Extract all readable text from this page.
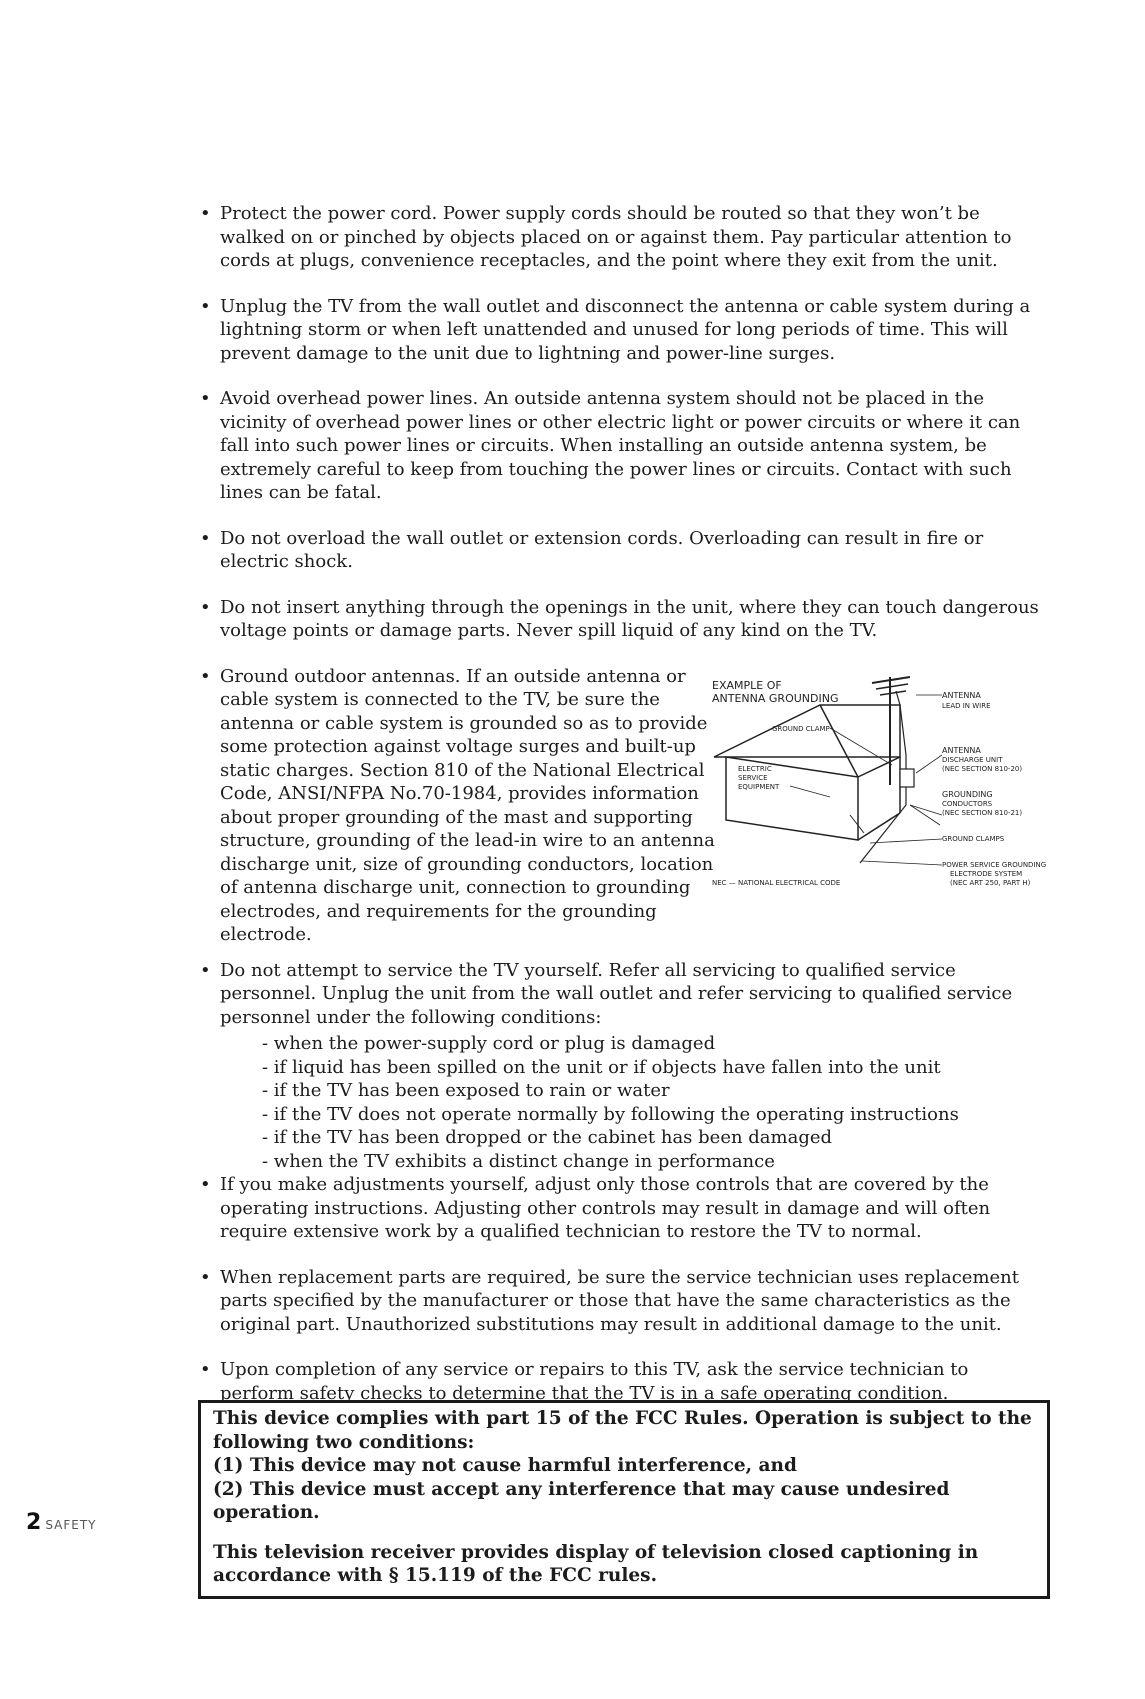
• Protect the power cord. Power supply cords should be routed so that they won’t be walked on or pinched by objects placed on or against them. Pay particular attention to cords at plugs, convenience receptacles, and the point where they exit from the unit.
• Unplug the TV from the wall outlet and disconnect the antenna or cable system during a lightning storm or when left unattended and unused for long periods of time. This will prevent damage to the unit due to lightning and power-line surges.
• Avoid overhead power lines. An outside antenna system should not be placed in the vicinity of overhead power lines or other electric light or power circuits or where it can fall into such power lines or circuits. When installing an outside antenna system, be extremely careful to keep from touching the power lines or circuits. Contact with such lines can be fatal.
• Do not overload the wall outlet or extension cords. Overloading can result in fire or electric shock.
• Do not insert anything through the openings in the unit, where they can touch dangerous voltage points or damage parts. Never spill liquid of any kind on the TV.
• Ground outdoor antennas. If an outside antenna or cable system is connected to the TV, be sure the antenna or cable system is grounded so as to provide some protection against voltage surges and built-up static charges. Section 810 of the National Electrical Code, ANSI/NFPA No.70-1984, provides information about proper grounding of the mast and supporting structure, grounding of the lead-in wire to an antenna discharge unit, size of grounding conductors, location of antenna discharge unit, connection to grounding electrodes, and requirements for the grounding electrode.
EXAMPLE OF
ANTENNA GROUNDING	ANTENNA
LEAD IN WIRE
GROUND CLAMP
ELECTRIC
SERVICE
EQUIPMENT
ANTENNA
DISCHARGE UNIT
(NEC SECTION 810-20)
GROUNDING
CONDUCTORS
(NEC SECTION 810-21)
GROUND CLAMPS
POWER SERVICE GROUNDING
ELECTRODE SYSTEM
(NEC ART 250, PART H)
NEC — NATIONAL ELECTRICAL CODE
• Do not attempt to service the TV yourself. Refer all servicing to qualified service personnel. Unplug the unit from the wall outlet and refer servicing to qualified service personnel under the following conditions:
- when the power-supply cord or plug is damaged
- if liquid has been spilled on the unit or if objects have fallen into the unit
- if the TV has been exposed to rain or water
- if the TV does not operate normally by following the operating instructions
- if the TV has been dropped or the cabinet has been damaged
- when the TV exhibits a distinct change in performance
• If you make adjustments yourself, adjust only those controls that are covered by the operating instructions. Adjusting other controls may result in damage and will often require extensive work by a qualified technician to restore the TV to normal.
• When replacement parts are required, be sure the service technician uses replacement parts specified by the manufacturer or those that have the same characteristics as the original part. Unauthorized substitutions may result in additional damage to the unit.
• Upon completion of any service or repairs to this TV, ask the service technician to perform safety checks to determine that the TV is in a safe operating condition.

This device complies with part 15 of the FCC Rules. Operation is subject to the following two conditions:

(1) This device may not cause harmful interference, and

(2) This device must accept any interference that may cause undesired operation.

This television receiver provides display of television closed captioning in accordance with § 15.119 of the FCC rules.

2 SAFETY
